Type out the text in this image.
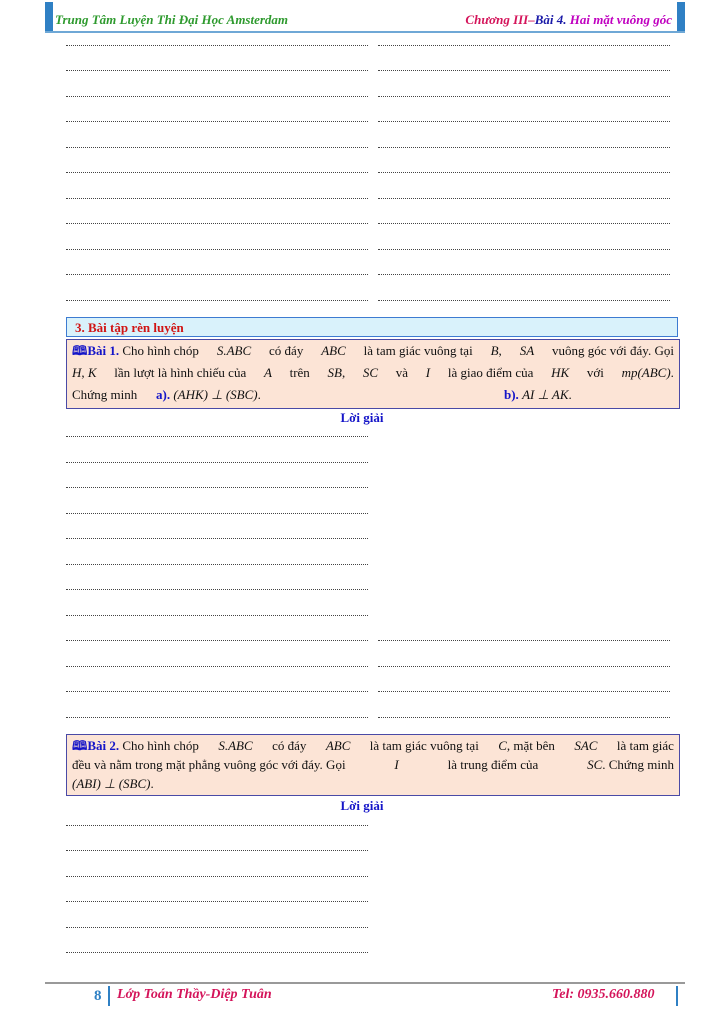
Trung Tâm Luyện Thi Đại Học Amsterdam	Chương III–Bài 4. Hai mặt vuông góc
3. Bài tập rèn luyện
🕮Bài 1. Cho hình chóp S.ABC có đáy ABC là tam giác vuông tại B, SA vuông góc với đáy. Gọi
H, K lần lượt là hình chiếu của A trên SB, SC và I là giao điểm của HK với mp(ABC).
Chứng minh a). (AHK) ⊥ (SBC).	b). AI ⊥ AK.
Lời giải
🕮Bài 2. Cho hình chóp S.ABC có đáy ABC là tam giác vuông tại C, mặt bên SAC là tam giác
đều và nằm trong mặt phẳng vuông góc với đáy. Gọi	I	là trung điểm của	SC. Chứng minh
(ABI) ⊥ (SBC).
Lời giải
8 Lớp Toán Thầy-Diệp Tuân	Tel: 0935.660.880
